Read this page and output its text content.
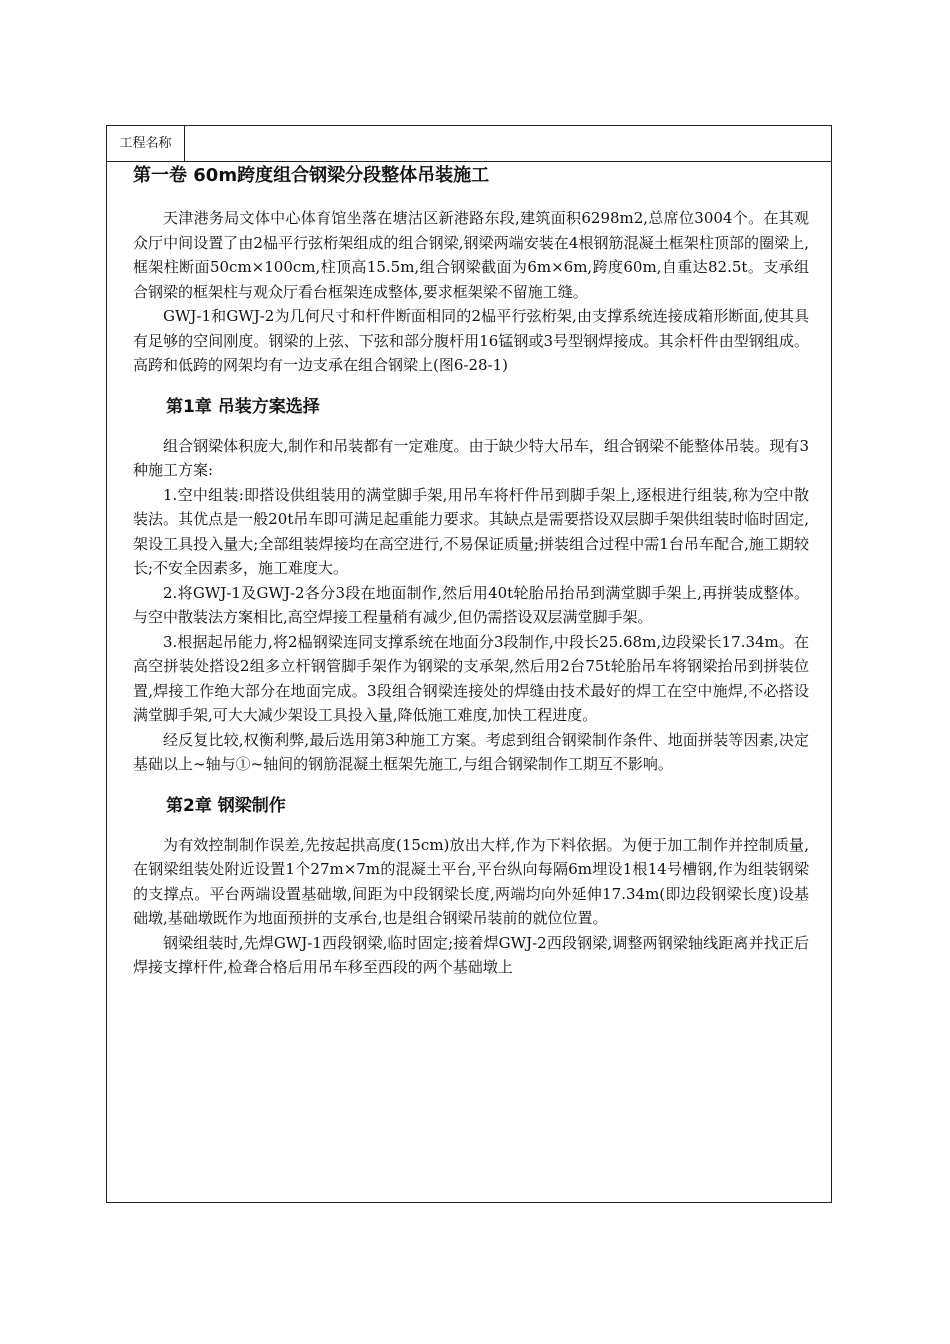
工程名称
第一卷 60m跨度组合钢梁分段整体吊装施工

天津港务局文体中心体育馆坐落在塘沽区新港路东段,建筑面积6298m2,总席位3004个。在其观众厅中间设置了由2榀平行弦桁架组成的组合钢梁,钢梁两端安装在4根钢筋混凝土框架柱顶部的圈梁上,框架柱断面50cm×100cm,柱顶高15.5m,组合钢梁截面为6m×6m,跨度60m,自重达82.5t。支承组合钢梁的框架柱与观众厅看台框架连成整体,要求框架梁不留施工缝。

GWJ-1和GWJ-2为几何尺寸和杆件断面相同的2榀平行弦桁架,由支撑系统连接成箱形断面,使其具有足够的空间刚度。钢梁的上弦、下弦和部分腹杆用16锰钢或3号型钢焊接成。其余杆件由型钢组成。高跨和低跨的网架均有一边支承在组合钢梁上(图6-28-1)

第1章 吊装方案选择

组合钢梁体积庞大,制作和吊装都有一定难度。由于缺少特大吊车，组合钢梁不能整体吊装。现有3种施工方案:

1.空中组装:即搭设供组装用的满堂脚手架,用吊车将杆件吊到脚手架上,逐根进行组装,称为空中散装法。其优点是一般20t吊车即可满足起重能力要求。其缺点是需要搭设双层脚手架供组装时临时固定,架设工具投入量大;全部组装焊接均在高空进行,不易保证质量;拼装组合过程中需1台吊车配合,施工期较长;不安全因素多，施工难度大。

2.将GWJ-1及GWJ-2各分3段在地面制作,然后用40t轮胎吊抬吊到满堂脚手架上,再拼装成整体。与空中散装法方案相比,高空焊接工程量稍有减少,但仍需搭设双层满堂脚手架。

3.根据起吊能力,将2榀钢梁连同支撑系统在地面分3段制作,中段长25.68m,边段梁长17.34m。在高空拼装处搭设2组多立杆钢管脚手架作为钢梁的支承架,然后用2台75t轮胎吊车将钢梁抬吊到拼装位置,焊接工作绝大部分在地面完成。3段组合钢梁连接处的焊缝由技术最好的焊工在空中施焊,不必搭设满堂脚手架,可大大减少架设工具投入量,降低施工难度,加快工程进度。

经反复比较,权衡利弊,最后选用第3种施工方案。考虑到组合钢梁制作条件、地面拼装等因素,决定基础以上~轴与①~轴间的钢筋混凝土框架先施工,与组合钢梁制作工期互不影响。

第2章 钢梁制作

为有效控制制作误差,先按起拱高度(15cm)放出大样,作为下料依据。为便于加工制作并控制质量,在钢梁组装处附近设置1个27m×7m的混凝土平台,平台纵向每隔6m埋设1根14号槽钢,作为组装钢梁的支撑点。平台两端设置基础墩,间距为中段钢梁长度,两端均向外延伸17.34m(即边段钢梁长度)设基础墩,基础墩既作为地面预拼的支承台,也是组合钢梁吊装前的就位位置。

钢梁组装时,先焊GWJ-1西段钢梁,临时固定;接着焊GWJ-2西段钢梁,调整两钢梁轴线距离并找正后焊接支撑杆件,检聋合格后用吊车移至西段的两个基础墩上
